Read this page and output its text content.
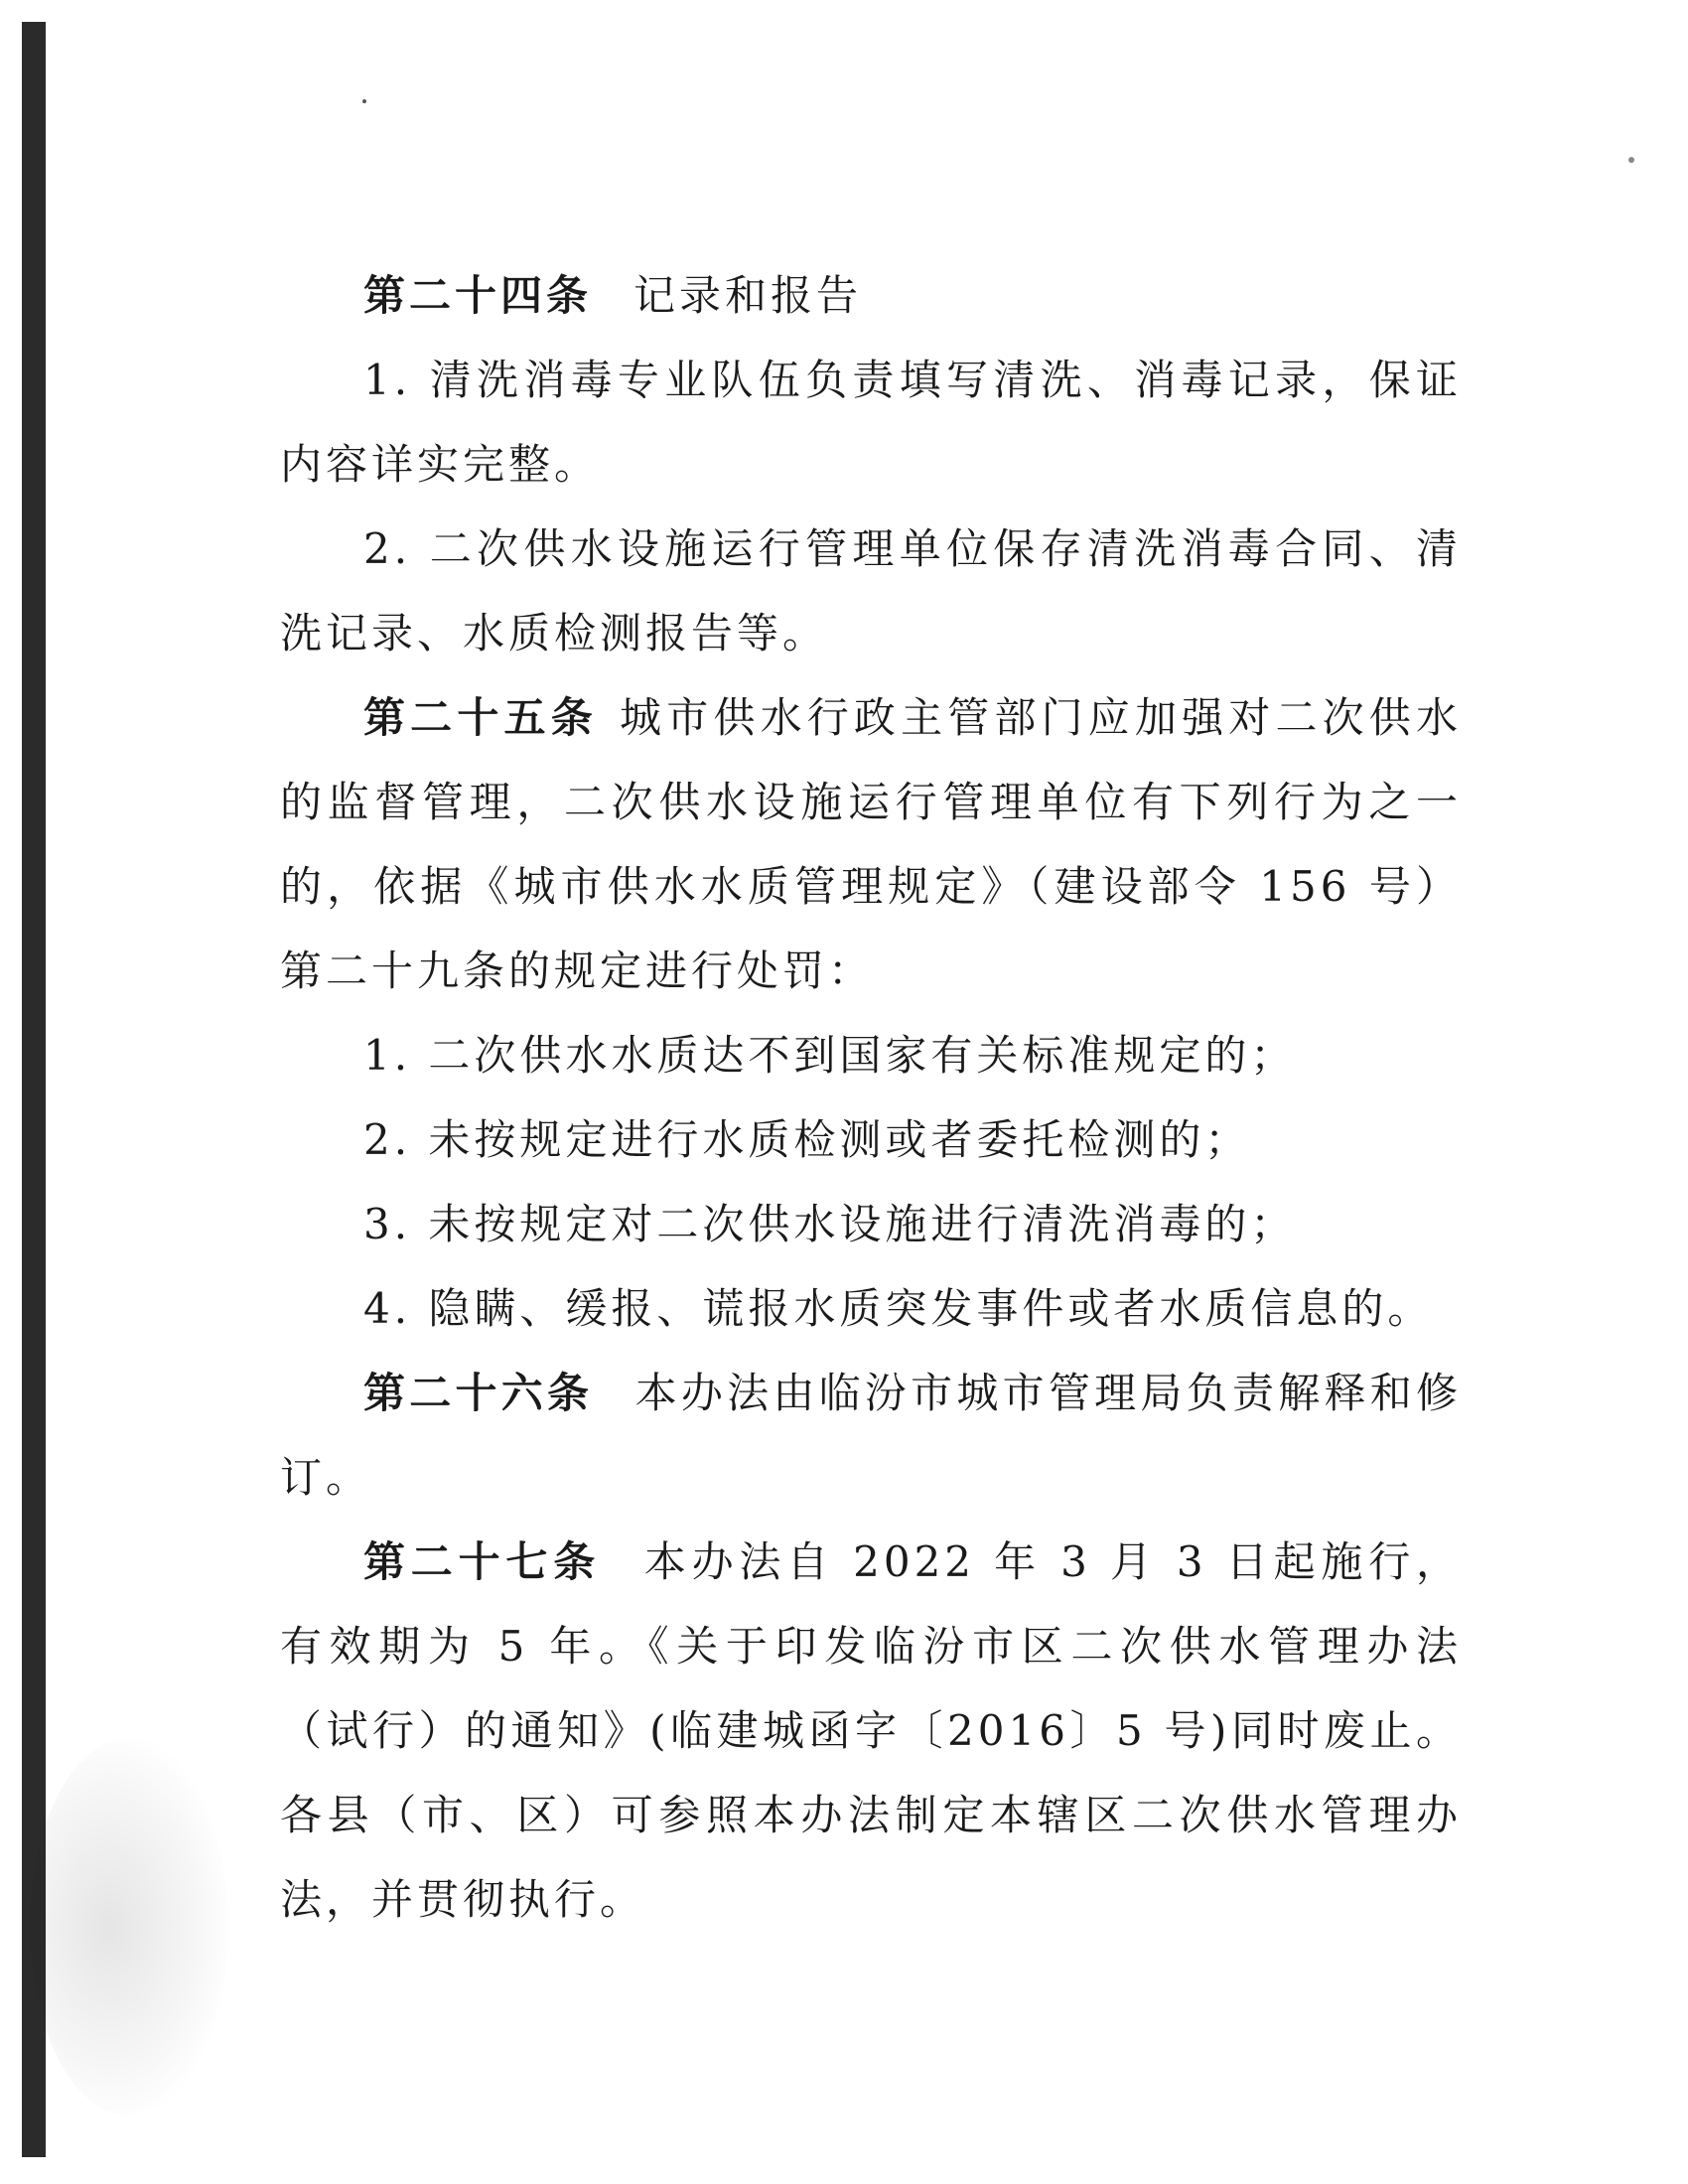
第二十四条 记录和报告

1. 清洗消毒专业队伍负责填写清洗、消毒记录，保证内容详实完整。

2. 二次供水设施运行管理单位保存清洗消毒合同、清洗记录、水质检测报告等。

第二十五条 城市供水行政主管部门应加强对二次供水的监督管理，二次供水设施运行管理单位有下列行为之一的，依据《城市供水水质管理规定》（建设部令 156 号）第二十九条的规定进行处罚：

1. 二次供水水质达不到国家有关标准规定的；

2. 未按规定进行水质检测或者委托检测的；

3. 未按规定对二次供水设施进行清洗消毒的；

4. 隐瞒、缓报、谎报水质突发事件或者水质信息的。

第二十六条 本办法由临汾市城市管理局负责解释和修订。

第二十七条 本办法自 2022 年 3 月 3 日起施行，有效期为 5 年。《关于印发临汾市区二次供水管理办法（试行）的通知》(临建城函字〔2016〕5 号)同时废止。各县（市、区）可参照本办法制定本辖区二次供水管理办法，并贯彻执行。
